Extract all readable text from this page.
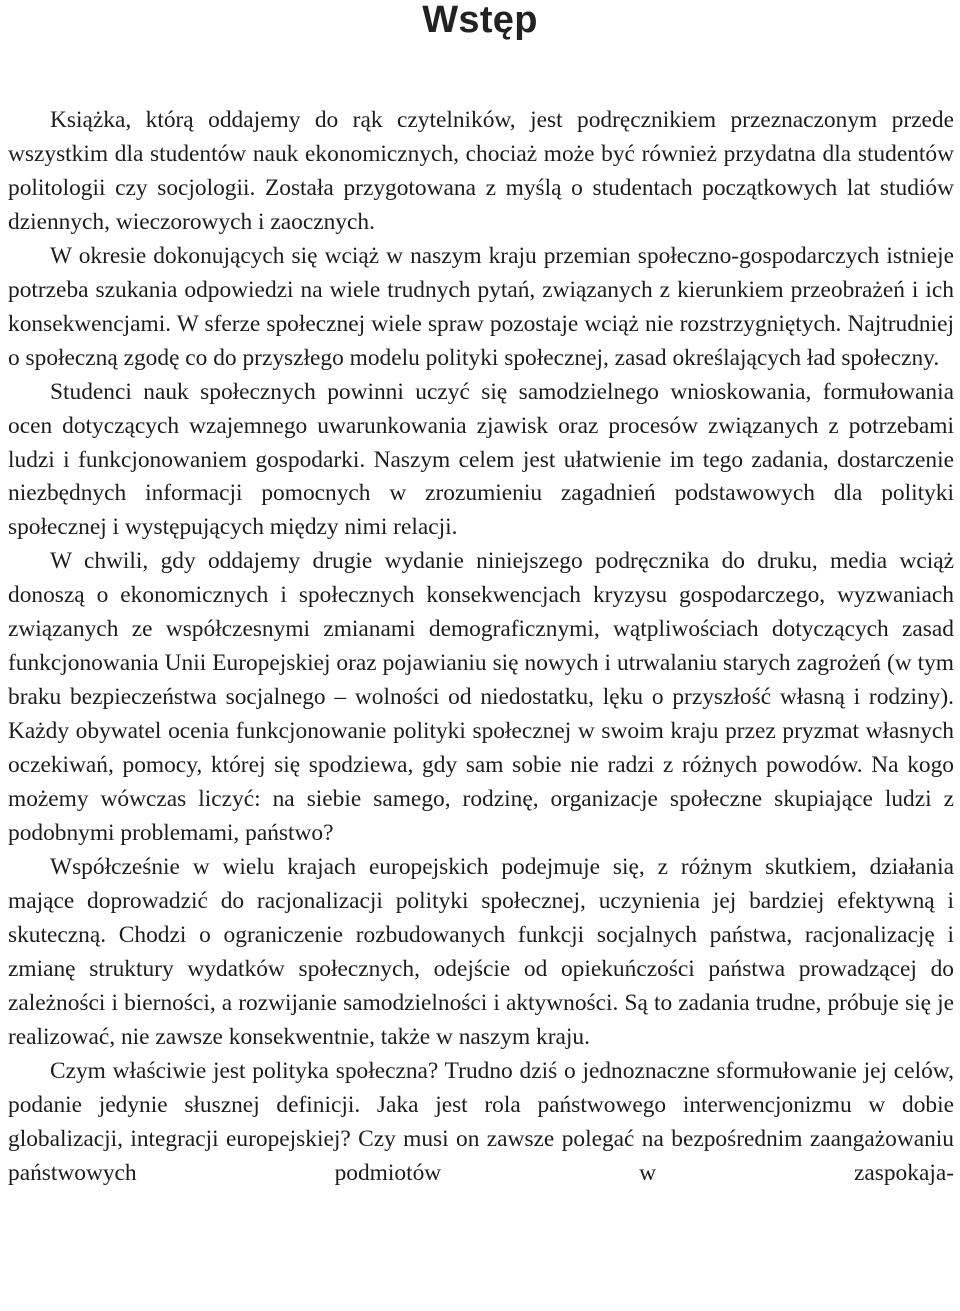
Wstęp

Książka, którą oddajemy do rąk czytelników, jest podręcznikiem przeznaczonym przede wszystkim dla studentów nauk ekonomicznych, chociaż może być również przydatna dla studentów politologii czy socjologii. Została przygotowana z myślą o studentach początkowych lat studiów dziennych, wieczorowych i zaocznych.

W okresie dokonujących się wciąż w naszym kraju przemian społeczno-gospodarczych istnieje potrzeba szukania odpowiedzi na wiele trudnych pytań, związanych z kierunkiem przeobrażeń i ich konsekwencjami. W sferze społecznej wiele spraw pozostaje wciąż nie rozstrzygniętych. Najtrudniej o społeczną zgodę co do przyszłego modelu polityki społecznej, zasad określających ład społeczny.

Studenci nauk społecznych powinni uczyć się samodzielnego wnioskowania, formułowania ocen dotyczących wzajemnego uwarunkowania zjawisk oraz procesów związanych z potrzebami ludzi i funkcjonowaniem gospodarki. Naszym celem jest ułatwienie im tego zadania, dostarczenie niezbędnych informacji pomocnych w zrozumieniu zagadnień podstawowych dla polityki społecznej i występujących między nimi relacji.

W chwili, gdy oddajemy drugie wydanie niniejszego podręcznika do druku, media wciąż donoszą o ekonomicznych i społecznych konsekwencjach kryzysu gospodarczego, wyzwaniach związanych ze współczesnymi zmianami demograficznymi, wątpliwościach dotyczących zasad funkcjonowania Unii Europejskiej oraz pojawianiu się nowych i utrwalaniu starych zagrożeń (w tym braku bezpieczeństwa socjalnego – wolności od niedostatku, lęku o przyszłość własną i rodziny). Każdy obywatel ocenia funkcjonowanie polityki społecznej w swoim kraju przez pryzmat własnych oczekiwań, pomocy, której się spodziewa, gdy sam sobie nie radzi z różnych powodów. Na kogo możemy wówczas liczyć: na siebie samego, rodzinę, organizacje społeczne skupiające ludzi z podobnymi problemami, państwo?

Współcześnie w wielu krajach europejskich podejmuje się, z różnym skutkiem, działania mające doprowadzić do racjonalizacji polityki społecznej, uczynienia jej bardziej efektywną i skuteczną. Chodzi o ograniczenie rozbudowanych funkcji socjalnych państwa, racjonalizację i zmianę struktury wydatków społecznych, odejście od opiekuńczości państwa prowadzącej do zależności i bierności, a rozwijanie samodzielności i aktywności. Są to zadania trudne, próbuje się je realizować, nie zawsze konsekwentnie, także w naszym kraju.

Czym właściwie jest polityka społeczna? Trudno dziś o jednoznaczne sformułowanie jej celów, podanie jedynie słusznej definicji. Jaka jest rola państwowego interwencjonizmu w dobie globalizacji, integracji europejskiej? Czy musi on zawsze polegać na bezpośrednim zaangażowaniu państwowych podmiotów w zaspokaja-
